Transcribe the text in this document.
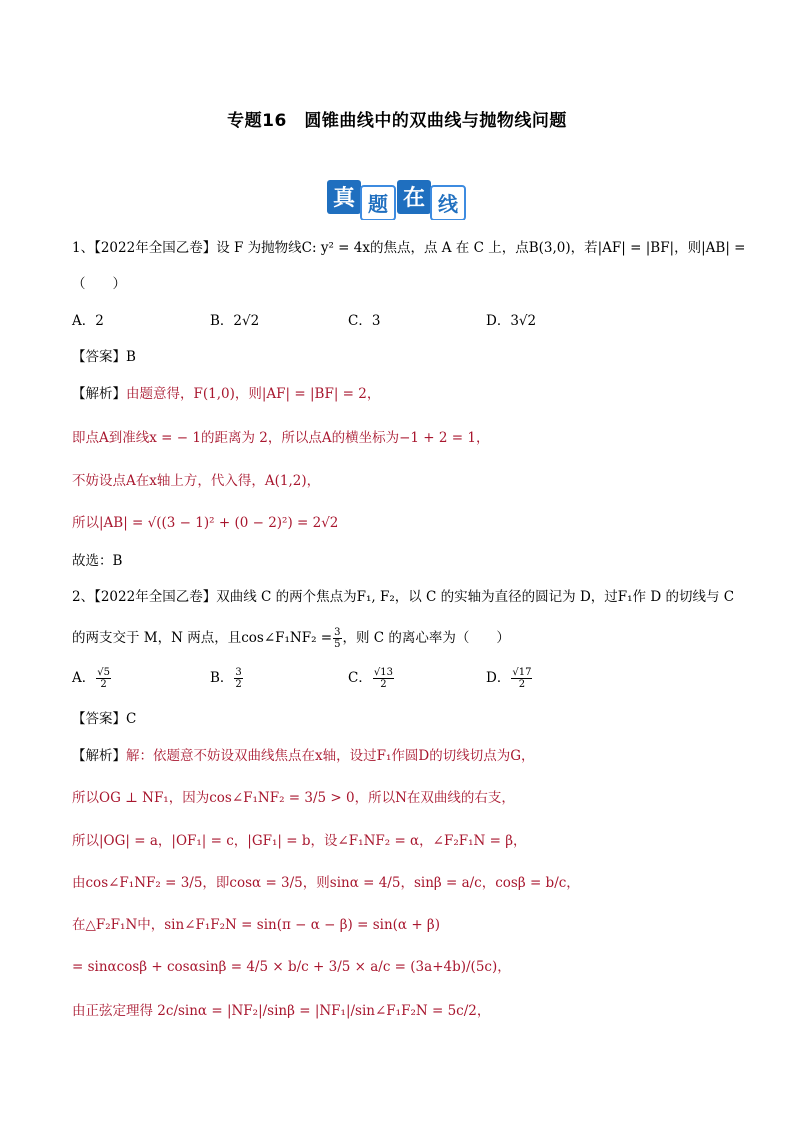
专题16　圆锥曲线中的双曲线与抛物线问题
真 题 在 线
1、【2022年全国乙卷】设 F 为抛物线C: y² = 4x的焦点，点 A 在 C 上，点B(3,0)，若|AF| = |BF|，则|AB| =
（　　）
A．2	B．2√2	C．3	D．3√2
【答案】B
【解析】由题意得，F(1,0)，则|AF| = |BF| = 2，
即点A到准线x = − 1的距离为 2，所以点A的横坐标为−1 + 2 = 1，
不妨设点A在x轴上方，代入得，A(1,2)，
所以|AB| = √((3 − 1)² + (0 − 2)²) = 2√2
故选：B
2、【2022年全国乙卷】双曲线 C 的两个焦点为F₁, F₂，以 C 的实轴为直径的圆记为 D，过F₁作 D 的切线与 C
的两支交于 M，N 两点，且cos∠F₁NF₂ = $\frac{3}{5}$ ，则 C 的离心率为（　　）
A． $\frac{√5}{2}$	B． $\frac{3}{2}$	C． $\frac{√13}{2}$	D． $\frac{√17}{2}$
【答案】C
【解析】解：依题意不妨设双曲线焦点在x轴，设过F₁作圆D的切线切点为G，
所以OG ⊥ NF₁，因为cos∠F₁NF₂ = 3/5 > 0，所以N在双曲线的右支，
所以|OG| = a，|OF₁| = c，|GF₁| = b，设∠F₁NF₂ = α，∠F₂F₁N = β，
由cos∠F₁NF₂ = 3/5，即cosα = 3/5，则sinα = 4/5，sinβ = a/c，cosβ = b/c，
在△F₂F₁N中，sin∠F₁F₂N = sin(π − α − β) = sin(α + β)
= sinαcosβ + cosαsinβ = 4/5 × b/c + 3/5 × a/c = (3a+4b)/(5c)，
由正弦定理得 2c/sinα = |NF₂|/sinβ = |NF₁|/sin∠F₁F₂N = 5c/2，
